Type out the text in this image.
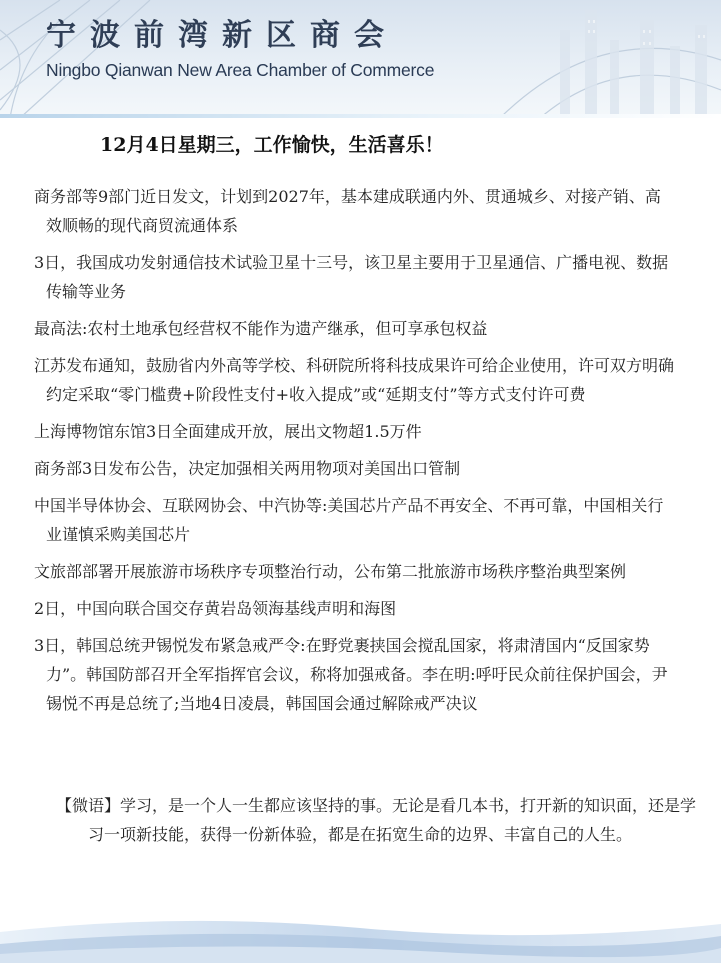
宁波前湾新区商会
Ningbo Qianwan New Area Chamber of Commerce
12月4日星期三，工作愉快，生活喜乐！
商务部等9部门近日发文，计划到2027年，基本建成联通内外、贯通城乡、对接产销、高效顺畅的现代商贸流通体系
3日，我国成功发射通信技术试验卫星十三号，该卫星主要用于卫星通信、广播电视、数据传输等业务
最高法:农村土地承包经营权不能作为遗产继承，但可享承包权益
江苏发布通知，鼓励省内外高等学校、科研院所将科技成果许可给企业使用，许可双方明确约定采取“零门槛费+阶段性支付+收入提成”或“延期支付”等方式支付许可费
上海博物馆东馆3日全面建成开放，展出文物超1.5万件
商务部3日发布公告，决定加强相关两用物项对美国出口管制
中国半导体协会、互联网协会、中汽协等:美国芯片产品不再安全、不再可靠，中国相关行业谨慎采购美国芯片
文旅部部署开展旅游市场秩序专项整治行动，公布第二批旅游市场秩序整治典型案例
2日，中国向联合国交存黄岩岛领海基线声明和海图
3日，韩国总统尹锡悦发布紧急戒严令:在野党裹挟国会搅乱国家，将肃清国内“反国家势力”。韩国防部召开全军指挥官会议，称将加强戒备。李在明:呼吁民众前往保护国会，尹锡悦不再是总统了;当地4日凌晨，韩国国会通过解除戒严决议
【微语】学习，是一个人一生都应该坚持的事。无论是看几本书，打开新的知识面，还是学习一项新技能，获得一份新体验，都是在拓宽生命的边界、丰富自己的人生。
